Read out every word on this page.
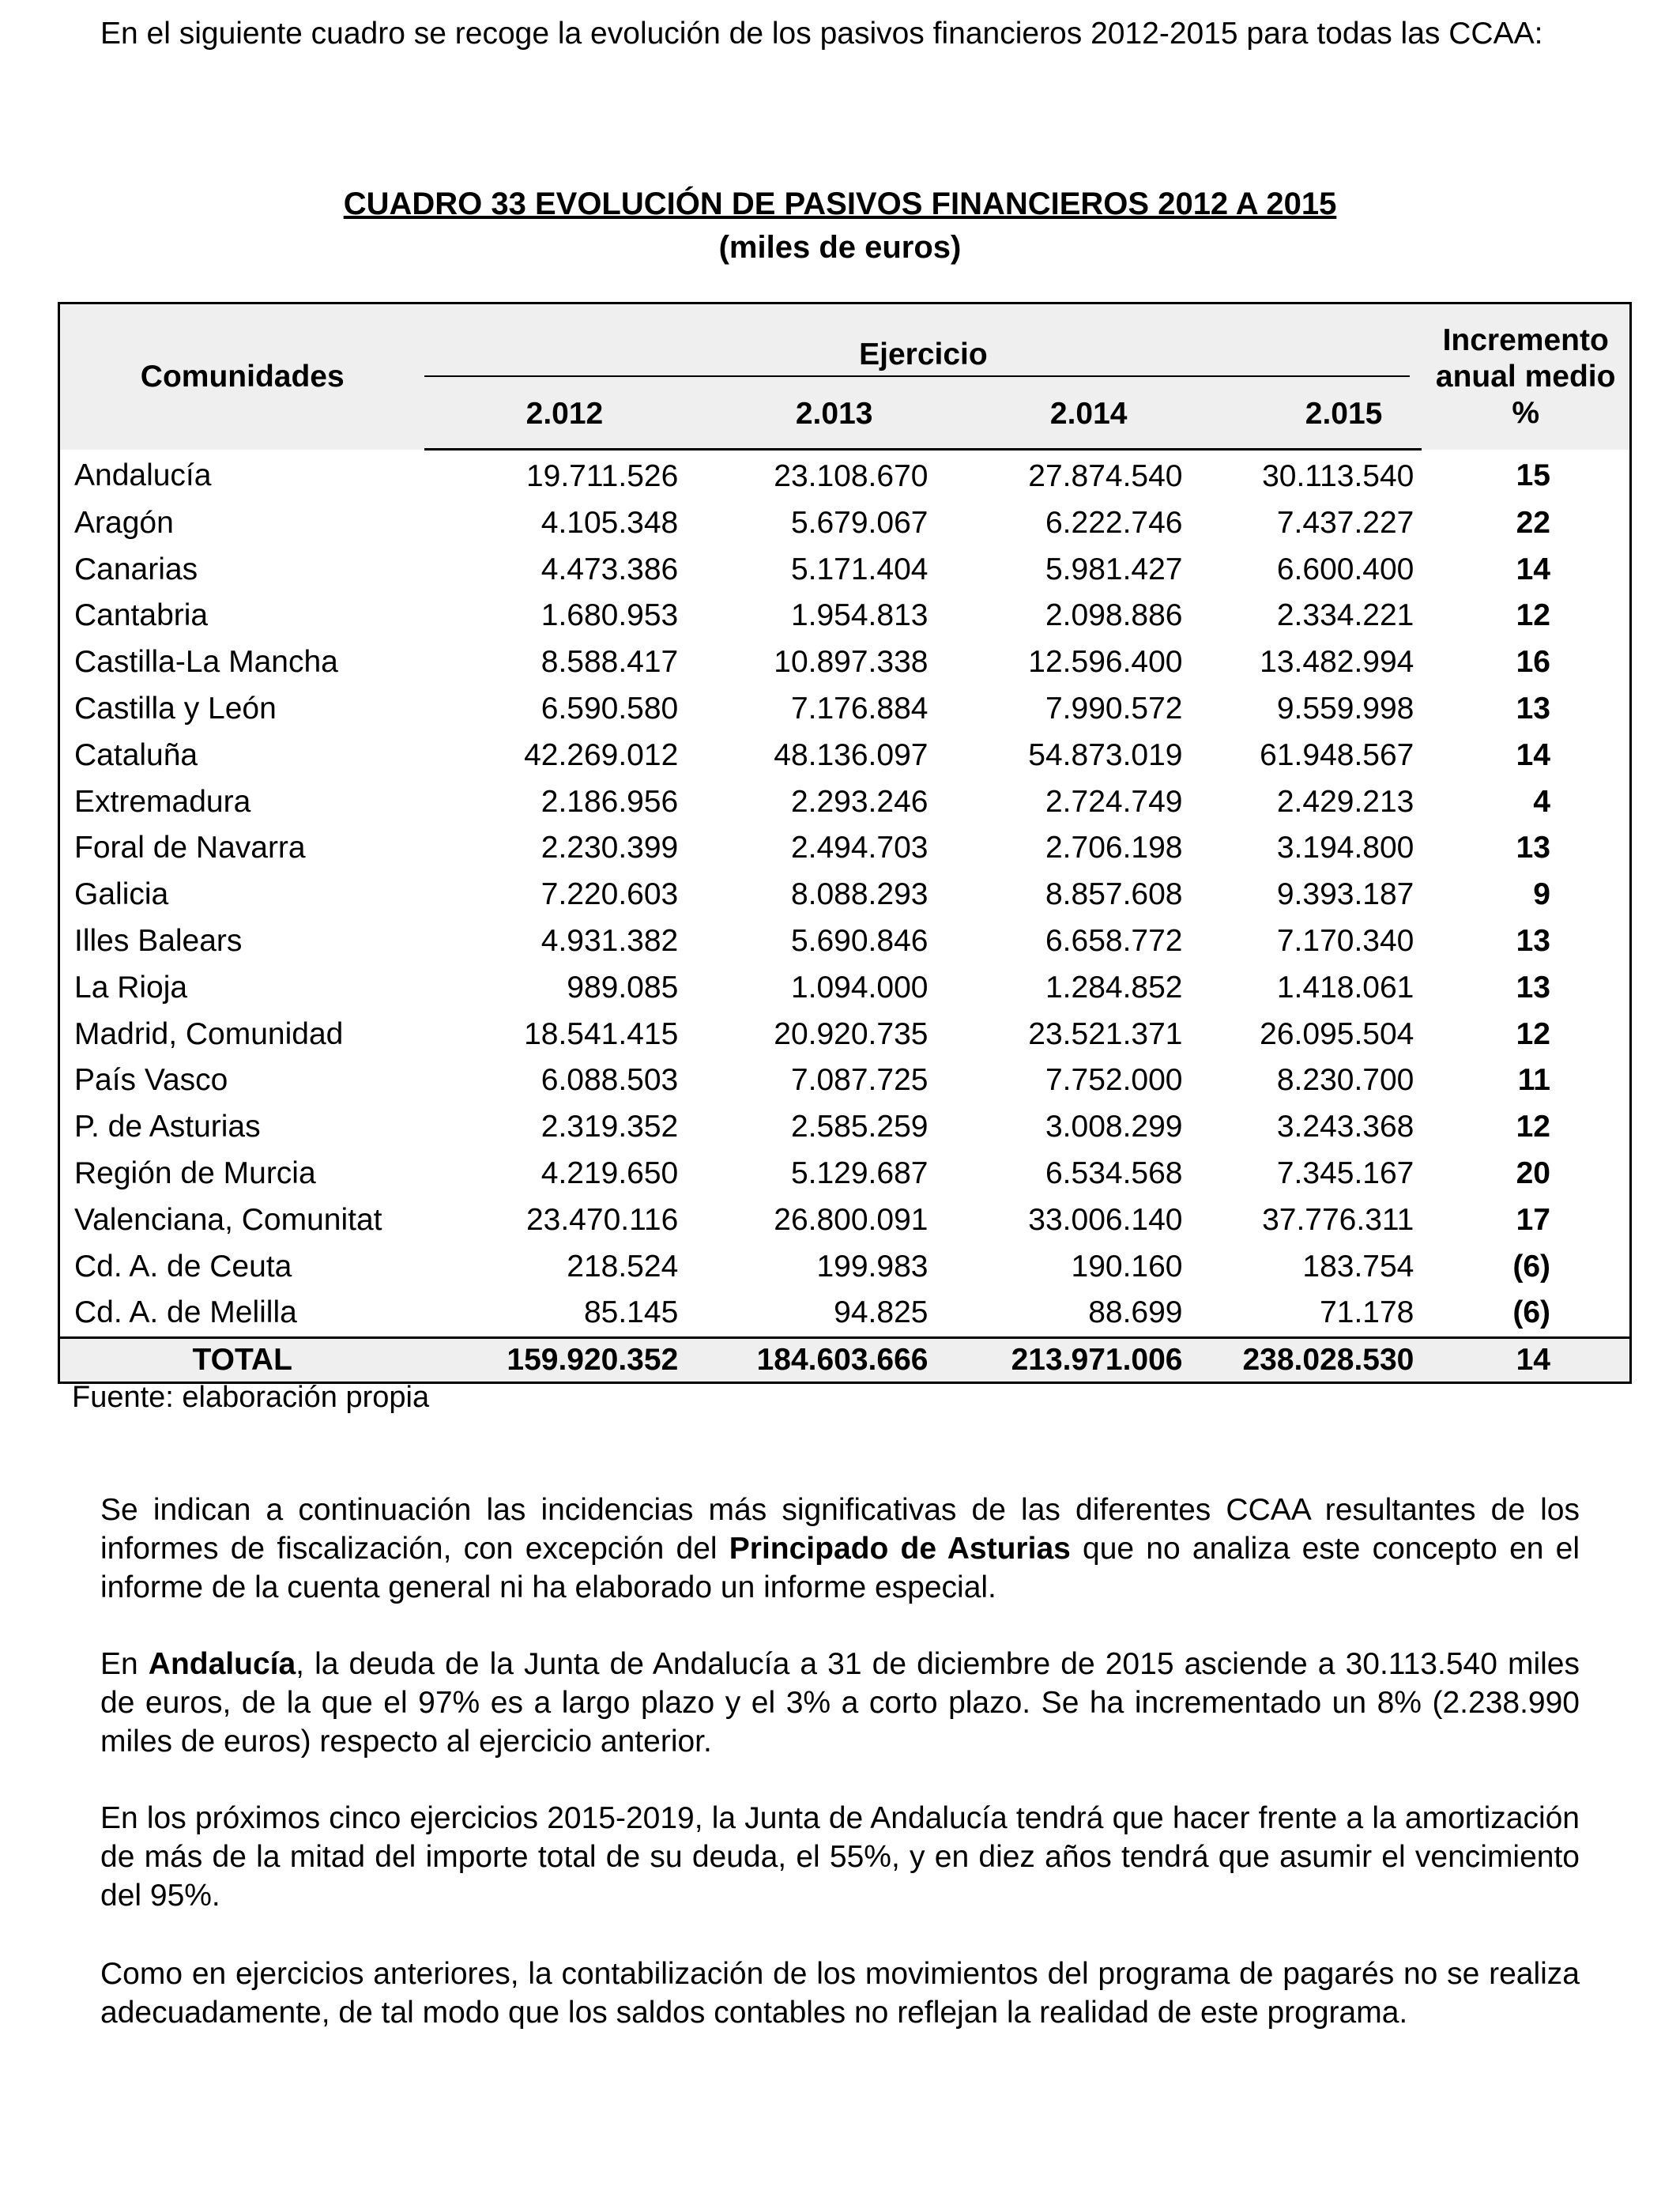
En el siguiente cuadro se recoge la evolución de los pasivos financieros 2012-2015 para todas las CCAA:

CUADRO 33 EVOLUCIÓN DE PASIVOS FINANCIEROS 2012 A 2015

(miles de euros)

Comunidades	Ejercicio				Incremento
anual medio
%
	2.012	2.013	2.014	2.015	
Andalucía	19.711.526	23.108.670	27.874.540	30.113.540	15
Aragón	4.105.348	5.679.067	6.222.746	7.437.227	22
Canarias	4.473.386	5.171.404	5.981.427	6.600.400	14
Cantabria	1.680.953	1.954.813	2.098.886	2.334.221	12
Castilla-La Mancha	8.588.417	10.897.338	12.596.400	13.482.994	16
Castilla y León	6.590.580	7.176.884	7.990.572	9.559.998	13
Cataluña	42.269.012	48.136.097	54.873.019	61.948.567	14
Extremadura	2.186.956	2.293.246	2.724.749	2.429.213	4
Foral de Navarra	2.230.399	2.494.703	2.706.198	3.194.800	13
Galicia	7.220.603	8.088.293	8.857.608	9.393.187	9
Illes Balears	4.931.382	5.690.846	6.658.772	7.170.340	13
La Rioja	989.085	1.094.000	1.284.852	1.418.061	13
Madrid, Comunidad	18.541.415	20.920.735	23.521.371	26.095.504	12
País Vasco	6.088.503	7.087.725	7.752.000	8.230.700	11
P. de Asturias	2.319.352	2.585.259	3.008.299	3.243.368	12
Región de Murcia	4.219.650	5.129.687	6.534.568	7.345.167	20
Valenciana, Comunitat	23.470.116	26.800.091	33.006.140	37.776.311	17
Cd. A. de Ceuta	218.524	199.983	190.160	183.754	(6)
Cd. A. de Melilla	85.145	94.825	88.699	71.178	(6)
TOTAL	159.920.352	184.603.666	213.971.006	238.028.530	14

Fuente: elaboración propia

Se indican a continuación las incidencias más significativas de las diferentes CCAA resultantes de los informes de fiscalización, con excepción del Principado de Asturias que no analiza este concepto en el informe de la cuenta general ni ha elaborado un informe especial.

En Andalucía, la deuda de la Junta de Andalucía a 31 de diciembre de 2015 asciende a 30.113.540 miles de euros, de la que el 97% es a largo plazo y el 3% a corto plazo. Se ha incrementado un 8% (2.238.990 miles de euros) respecto al ejercicio anterior.

En los próximos cinco ejercicios 2015-2019, la Junta de Andalucía tendrá que hacer frente a la amortización de más de la mitad del importe total de su deuda, el 55%, y en diez años tendrá que asumir el vencimiento del 95%.

Como en ejercicios anteriores, la contabilización de los movimientos del programa de pagarés no se realiza adecuadamente, de tal modo que los saldos contables no reflejan la realidad de este programa.
